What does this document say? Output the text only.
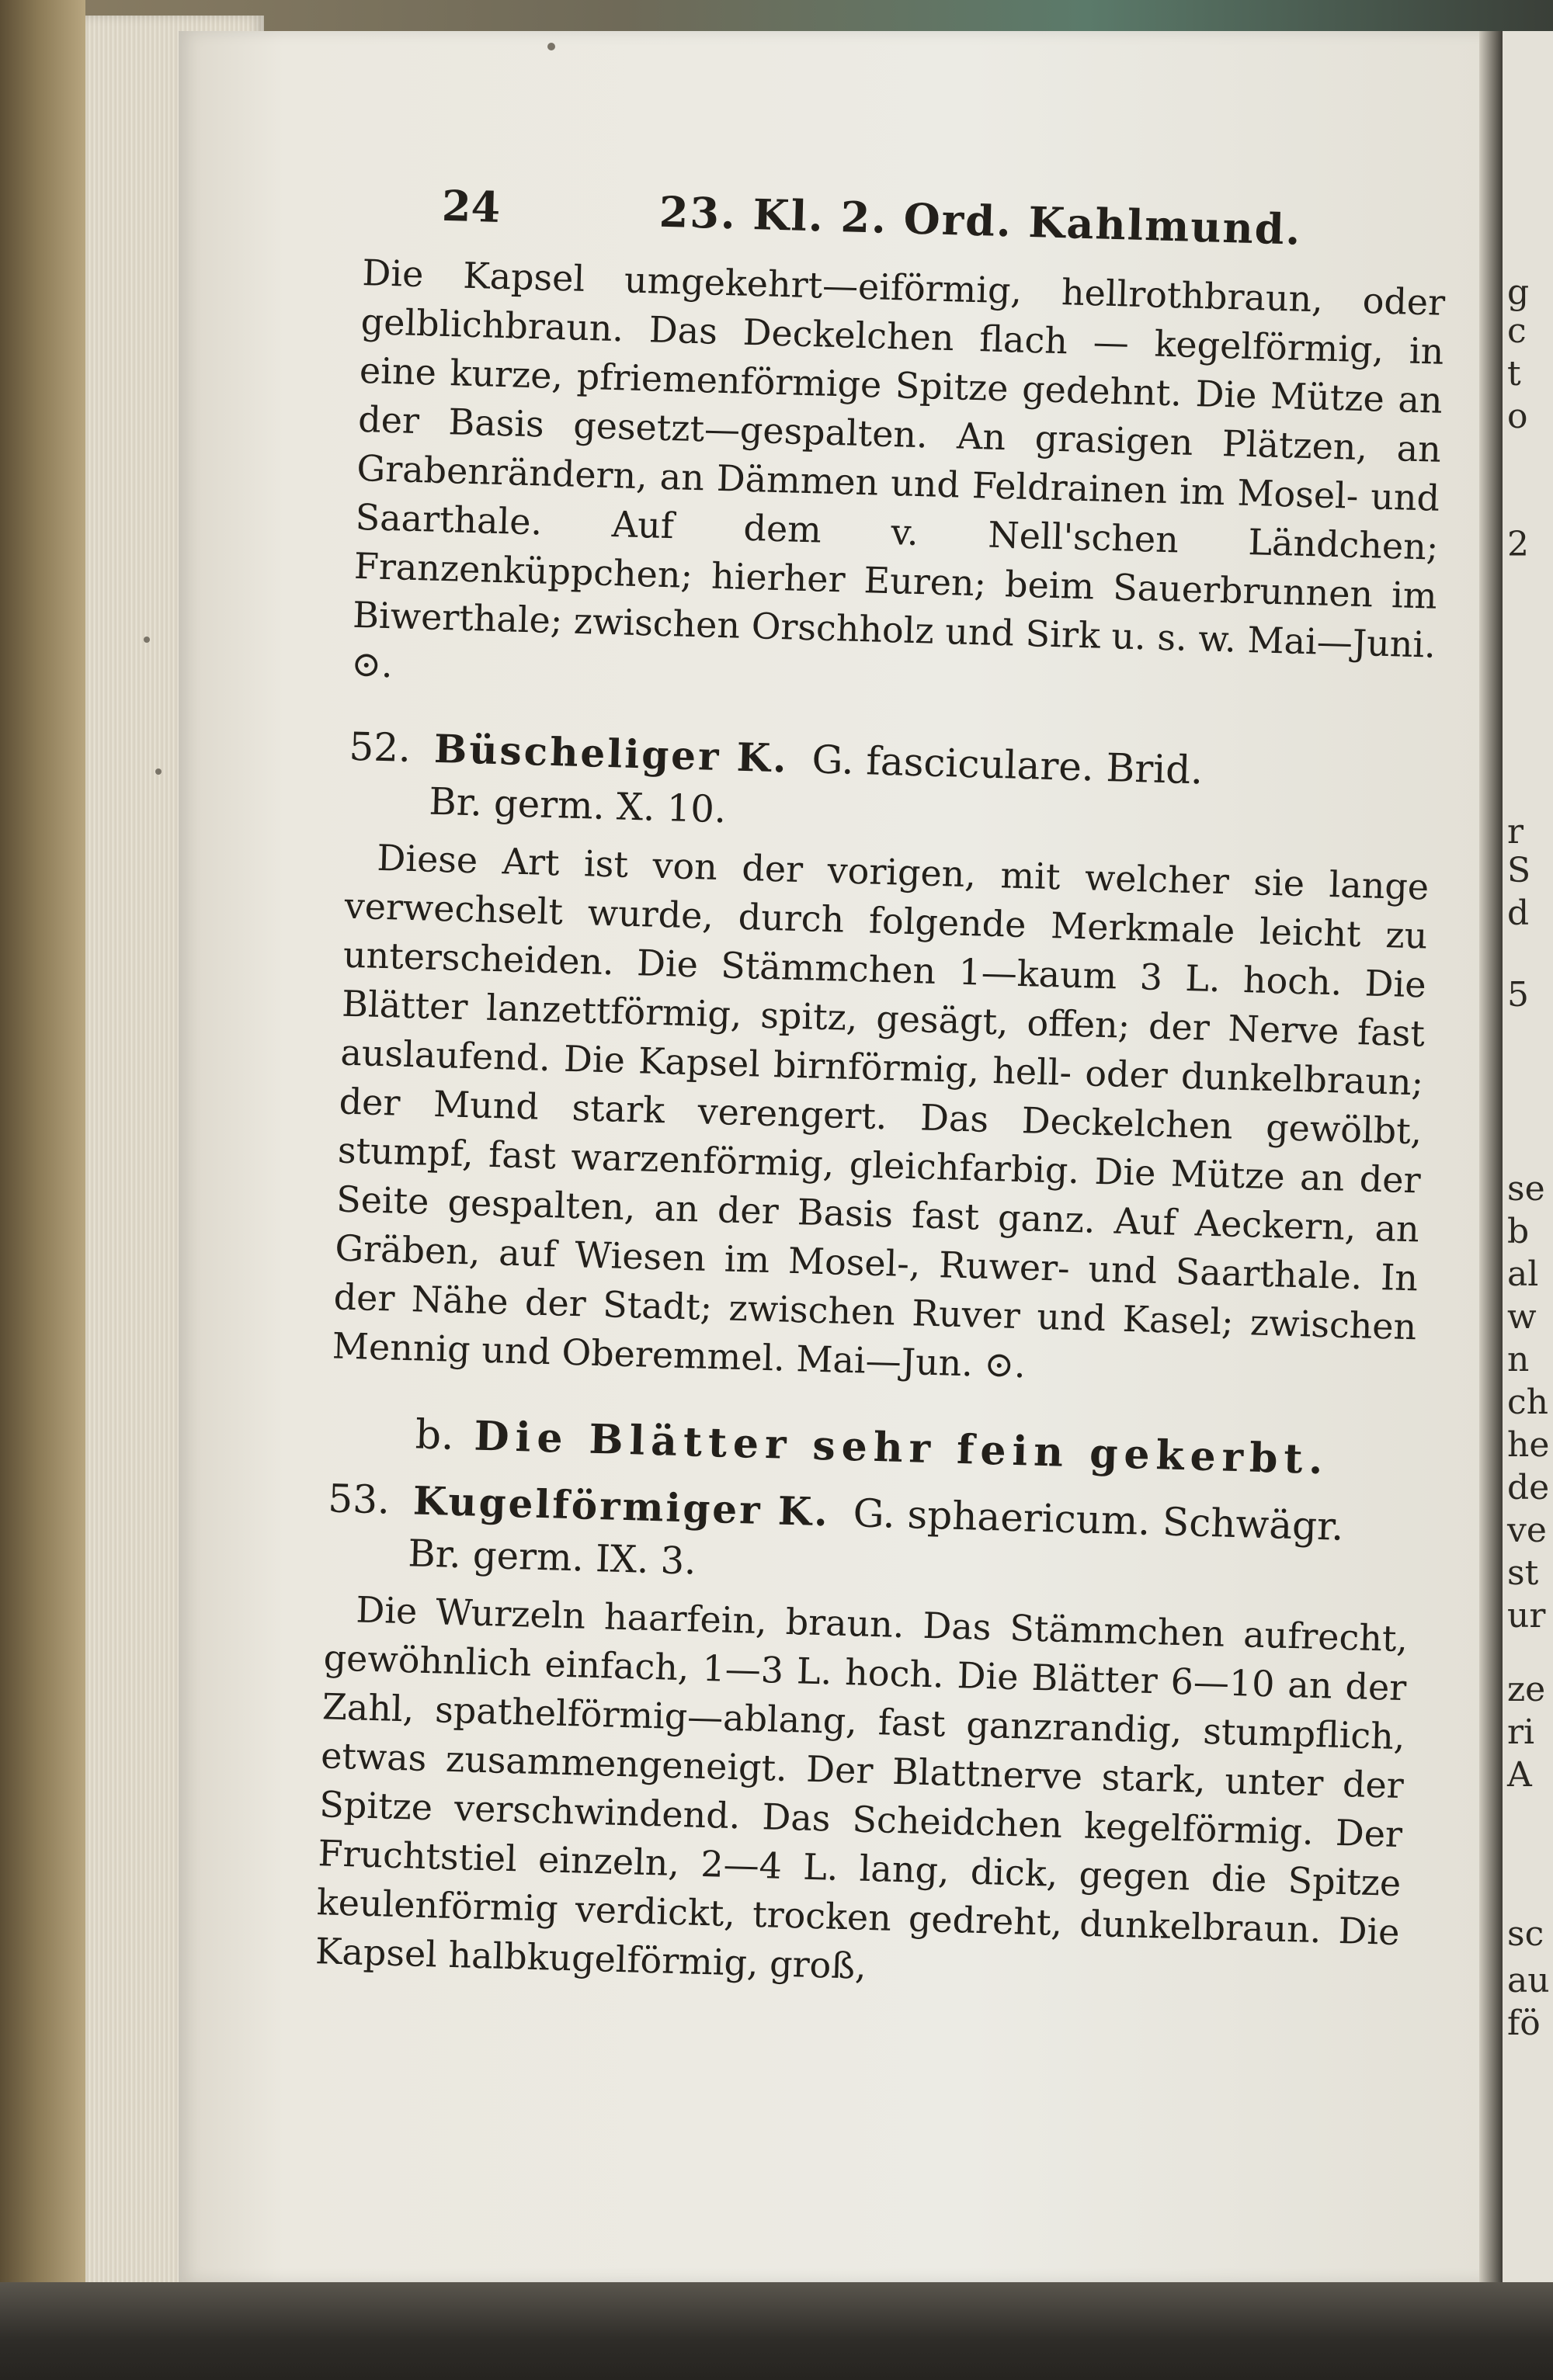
g
c
t
o
2
r
S
d
5
se
b
al
w
n
ch
he
de
ve
st
ur
ze
ri
A
sc
au
fö
24	23. Kl. 2. Ord. Kahlmund.

Die Kapsel umgekehrt—eiförmig, hellrothbraun, oder gelblichbraun. Das Deckelchen flach — kegelförmig, in eine kurze, pfriemenförmige Spitze gedehnt. Die Mütze an der Basis gesetzt—gespalten. An grasigen Plätzen, an Grabenrändern, an Dämmen und Feldrainen im Mosel- und Saarthale. Auf dem v. Nell'schen Ländchen; Franzenküppchen; hierher Euren; beim Sauerbrunnen im Biwerthale; zwischen Orschholz und Sirk u. s. w. Mai—Juni. ⊙.

52. Büscheliger K. G. fasciculare. Brid.
Br. germ. X. 10.

Diese Art ist von der vorigen, mit welcher sie lange verwechselt wurde, durch folgende Merkmale leicht zu unterscheiden. Die Stämmchen 1—kaum 3 L. hoch. Die Blätter lanzettförmig, spitz, gesägt, offen; der Nerve fast auslaufend. Die Kapsel birnförmig, hell- oder dunkelbraun; der Mund stark verengert. Das Deckelchen gewölbt, stumpf, fast warzenförmig, gleichfarbig. Die Mütze an der Seite gespalten, an der Basis fast ganz. Auf Aeckern, an Gräben, auf Wiesen im Mosel-, Ruwer- und Saarthale. In der Nähe der Stadt; zwischen Ruver und Kasel; zwischen Mennig und Oberemmel. Mai—Jun. ⊙.

b. Die Blätter sehr fein gekerbt.
53. Kugelförmiger K. G. sphaericum. Schwägr.
Br. germ. IX. 3.

Die Wurzeln haarfein, braun. Das Stämmchen aufrecht, gewöhnlich einfach, 1—3 L. hoch. Die Blätter 6—10 an der Zahl, spathelförmig—ablang, fast ganzrandig, stumpflich, etwas zusammengeneigt. Der Blattnerve stark, unter der Spitze verschwindend. Das Scheidchen kegelförmig. Der Fruchtstiel einzeln, 2—4 L. lang, dick, gegen die Spitze keulenförmig verdickt, trocken gedreht, dunkelbraun. Die Kapsel halbkugelförmig, groß,
